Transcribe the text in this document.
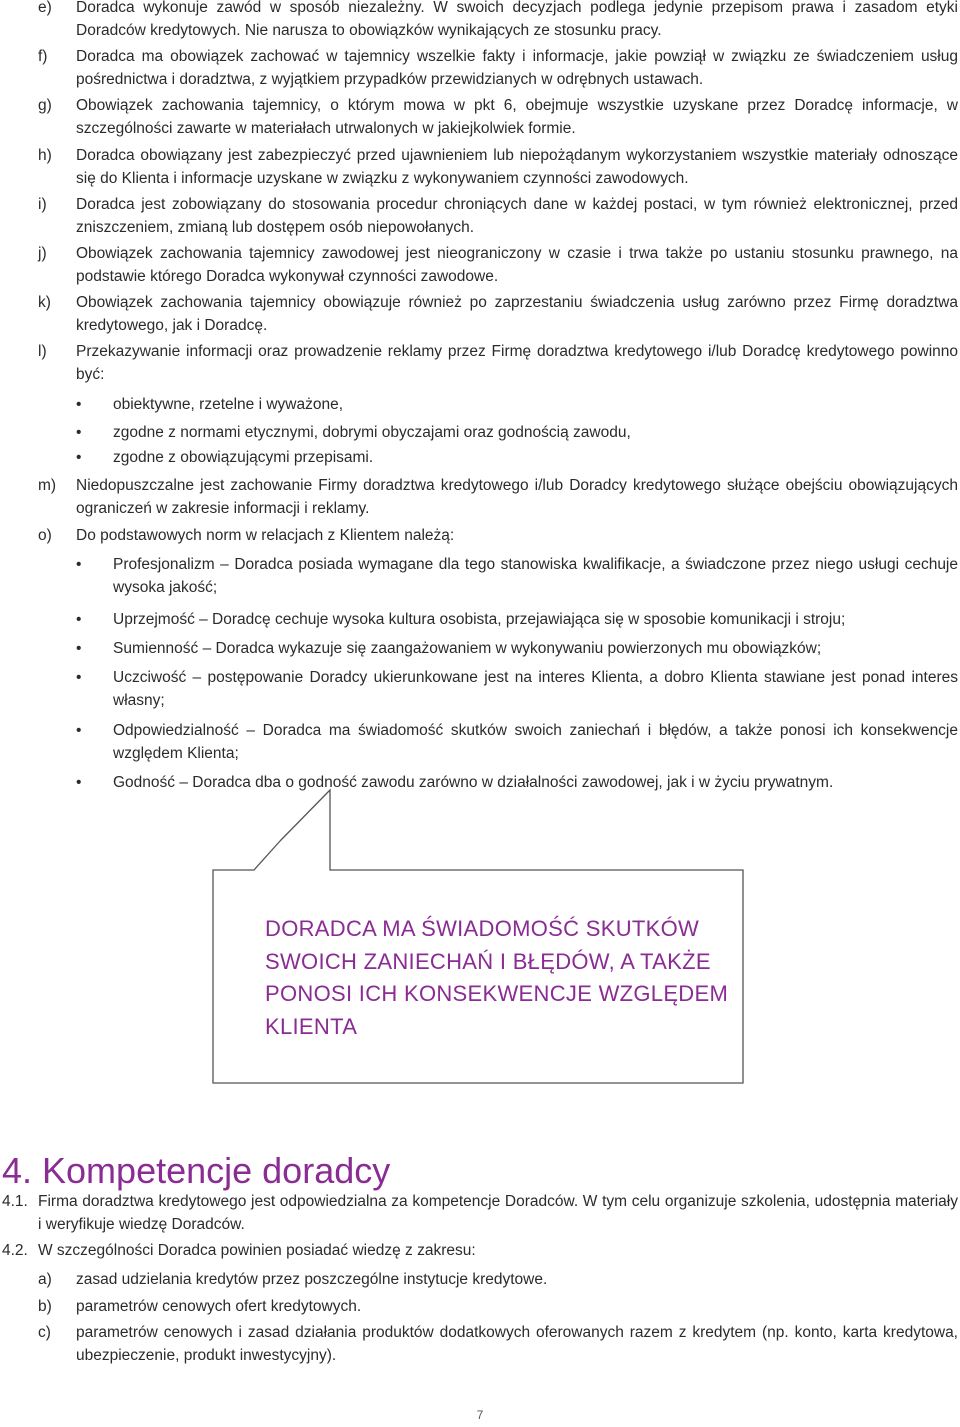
e) Doradca wykonuje zawód w sposób niezależny. W swoich decyzjach podlega jedynie przepisom prawa i zasadom etyki Doradców kredytowych. Nie narusza to obowiązków wynikających ze stosunku pracy.
f) Doradca ma obowiązek zachować w tajemnicy wszelkie fakty i informacje, jakie powziął w związku ze świadczeniem usług pośrednictwa i doradztwa, z wyjątkiem przypadków przewidzianych w odrębnych ustawach.
g) Obowiązek zachowania tajemnicy, o którym mowa w pkt 6, obejmuje wszystkie uzyskane przez Doradcę informacje, w szczególności zawarte w materiałach utrwalonych w jakiejkolwiek formie.
h) Doradca obowiązany jest zabezpieczyć przed ujawnieniem lub niepożądanym wykorzystaniem wszystkie materiały odnoszące się do Klienta i informacje uzyskane w związku z wykonywaniem czynności zawodowych.
i) Doradca jest zobowiązany do stosowania procedur chroniących dane w każdej postaci, w tym również elektronicznej, przed zniszczeniem, zmianą lub dostępem osób niepowołanych.
j) Obowiązek zachowania tajemnicy zawodowej jest nieograniczony w czasie i trwa także po ustaniu stosunku prawnego, na podstawie którego Doradca wykonywał czynności zawodowe.
k) Obowiązek zachowania tajemnicy obowiązuje również po zaprzestaniu świadczenia usług zarówno przez Firmę doradztwa kredytowego, jak i Doradcę.
l) Przekazywanie informacji oraz prowadzenie reklamy przez Firmę doradztwa kredytowego i/lub Doradcę kredytowego powinno być:
• obiektywne, rzetelne i wyważone,
• zgodne z normami etycznymi, dobrymi obyczajami oraz godnością zawodu,
• zgodne z obowiązującymi przepisami.
m) Niedopuszczalne jest zachowanie Firmy doradztwa kredytowego i/lub Doradcy kredytowego służące obejściu obowiązujących ograniczeń w zakresie informacji i reklamy.
o) Do podstawowych norm w relacjach z Klientem należą:
• Profesjonalizm – Doradca posiada wymagane dla tego stanowiska kwalifikacje, a świadczone przez niego usługi cechuje wysoka jakość;
• Uprzejmość – Doradcę cechuje wysoka kultura osobista, przejawiająca się w sposobie komunikacji i stroju;
• Sumienność – Doradca wykazuje się zaangażowaniem w wykonywaniu powierzonych mu obowiązków;
• Uczciwość – postępowanie Doradcy ukierunkowane jest na interes Klienta, a dobro Klienta stawiane jest ponad interes własny;
• Odpowiedzialność – Doradca ma świadomość skutków swoich zaniechań i błędów, a także ponosi ich konsekwencje względem Klienta;
• Godność – Doradca dba o godność zawodu zarówno w działalności zawodowej, jak i w życiu prywatnym.
DORADCA MA ŚWIADOMOŚĆ SKUTKÓW SWOICH ZANIECHAŃ I BŁĘDÓW, A TAKŻE PONOSI ICH KONSEKWENCJE WZGLĘDEM KLIENTA
4. Kompetencje doradcy
4.1. Firma doradztwa kredytowego jest odpowiedzialna za kompetencje Doradców. W tym celu organizuje szkolenia, udostępnia materiały i weryfikuje wiedzę Doradców.
4.2. W szczególności Doradca powinien posiadać wiedzę z zakresu:
a) zasad udzielania kredytów przez poszczególne instytucje kredytowe.
b) parametrów cenowych ofert kredytowych.
c) parametrów cenowych i zasad działania produktów dodatkowych oferowanych razem z kredytem (np. konto, karta kredytowa, ubezpieczenie, produkt inwestycyjny).
7
